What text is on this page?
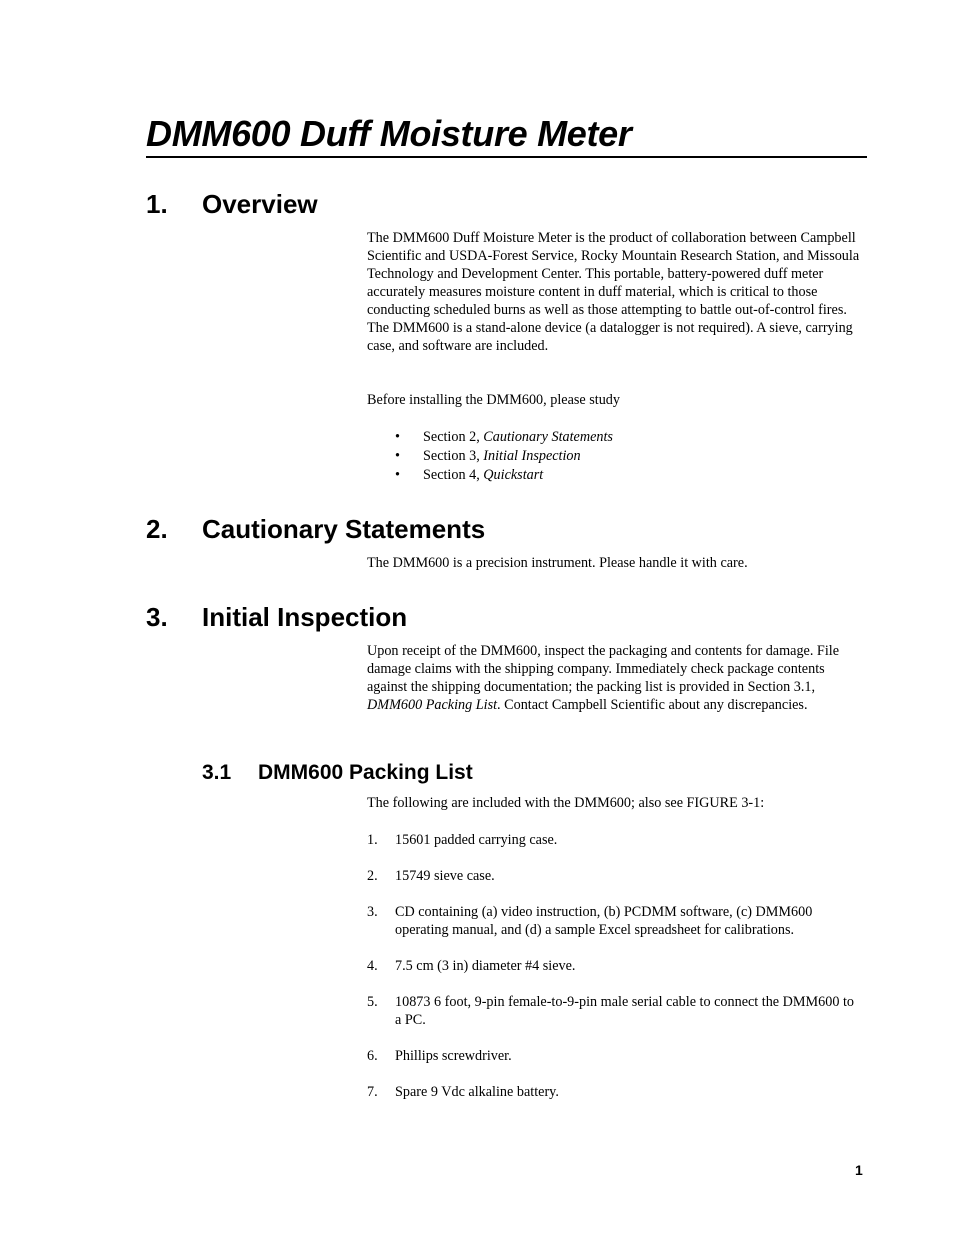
DMM600 Duff Moisture Meter
1. Overview

The DMM600 Duff Moisture Meter is the product of collaboration between Campbell Scientific and USDA-Forest Service, Rocky Mountain Research Station, and Missoula Technology and Development Center. This portable, battery-powered duff meter accurately measures moisture content in duff material, which is critical to those conducting scheduled burns as well as those attempting to battle out-of-control fires. The DMM600 is a stand-alone device (a datalogger is not required). A sieve, carrying case, and software are included.

Before installing the DMM600, please study
• Section 2, Cautionary Statements
• Section 3, Initial Inspection
• Section 4, Quickstart
2. Cautionary Statements
The DMM600 is a precision instrument. Please handle it with care.
3. Initial Inspection

Upon receipt of the DMM600, inspect the packaging and contents for damage. File damage claims with the shipping company. Immediately check package contents against the shipping documentation; the packing list is provided in Section 3.1, DMM600 Packing List. Contact Campbell Scientific about any discrepancies.

3.1 DMM600 Packing List
The following are included with the DMM600; also see FIGURE 3-1:
1. 15601 padded carrying case.
2. 15749 sieve case.
3. CD containing (a) video instruction, (b) PCDMM software, (c) DMM600 operating manual, and (d) a sample Excel spreadsheet for calibrations.
4. 7.5 cm (3 in) diameter #4 sieve.
5. 10873 6 foot, 9-pin female-to-9-pin male serial cable to connect the DMM600 to a PC.
6. Phillips screwdriver.
7. Spare 9 Vdc alkaline battery.
1
